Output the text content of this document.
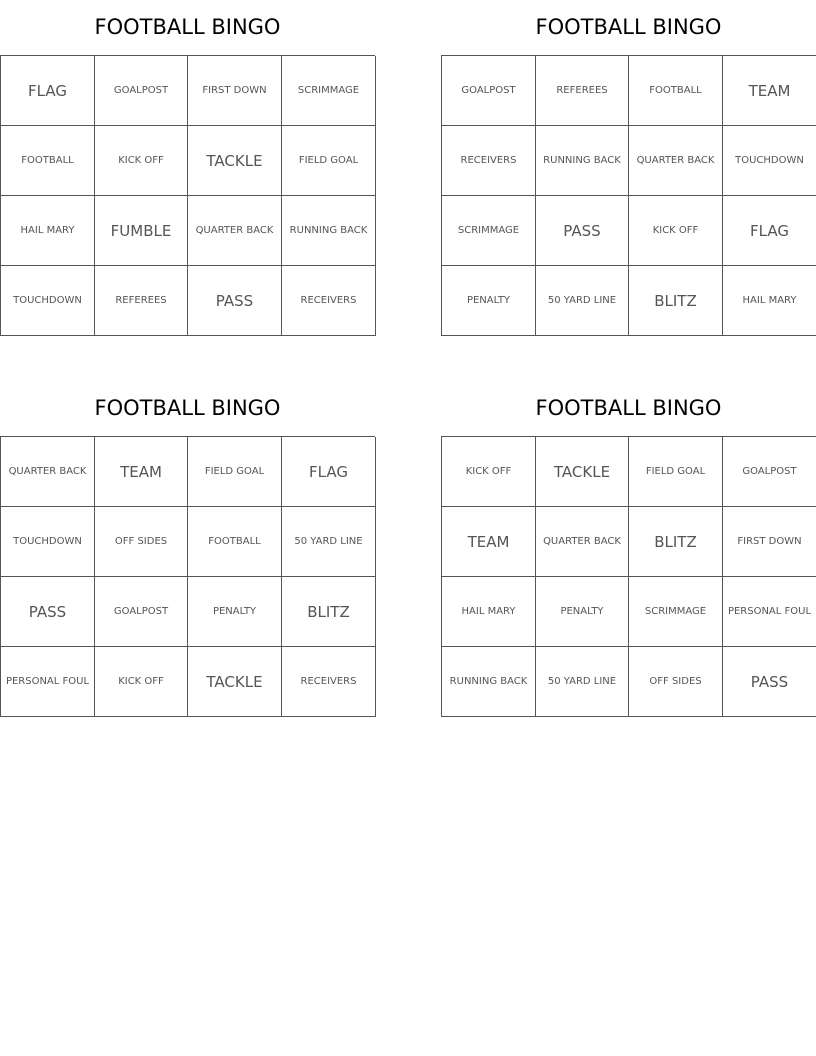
FOOTBALL BINGO
FLAG	GOALPOST	FIRST DOWN	SCRIMMAGE
FOOTBALL	KICK OFF	TACKLE	FIELD GOAL
HAIL MARY	FUMBLE	QUARTER BACK	RUNNING BACK
TOUCHDOWN	REFEREES	PASS	RECEIVERS
FOOTBALL BINGO
GOALPOST	REFEREES	FOOTBALL	TEAM
RECEIVERS	RUNNING BACK	QUARTER BACK	TOUCHDOWN
SCRIMMAGE	PASS	KICK OFF	FLAG
PENALTY	50 YARD LINE	BLITZ	HAIL MARY
FOOTBALL BINGO
QUARTER BACK	TEAM	FIELD GOAL	FLAG
TOUCHDOWN	OFF SIDES	FOOTBALL	50 YARD LINE
PASS	GOALPOST	PENALTY	BLITZ
PERSONAL FOUL	KICK OFF	TACKLE	RECEIVERS
FOOTBALL BINGO
KICK OFF	TACKLE	FIELD GOAL	GOALPOST
TEAM	QUARTER BACK	BLITZ	FIRST DOWN
HAIL MARY	PENALTY	SCRIMMAGE	PERSONAL FOUL
RUNNING BACK	50 YARD LINE	OFF SIDES	PASS
